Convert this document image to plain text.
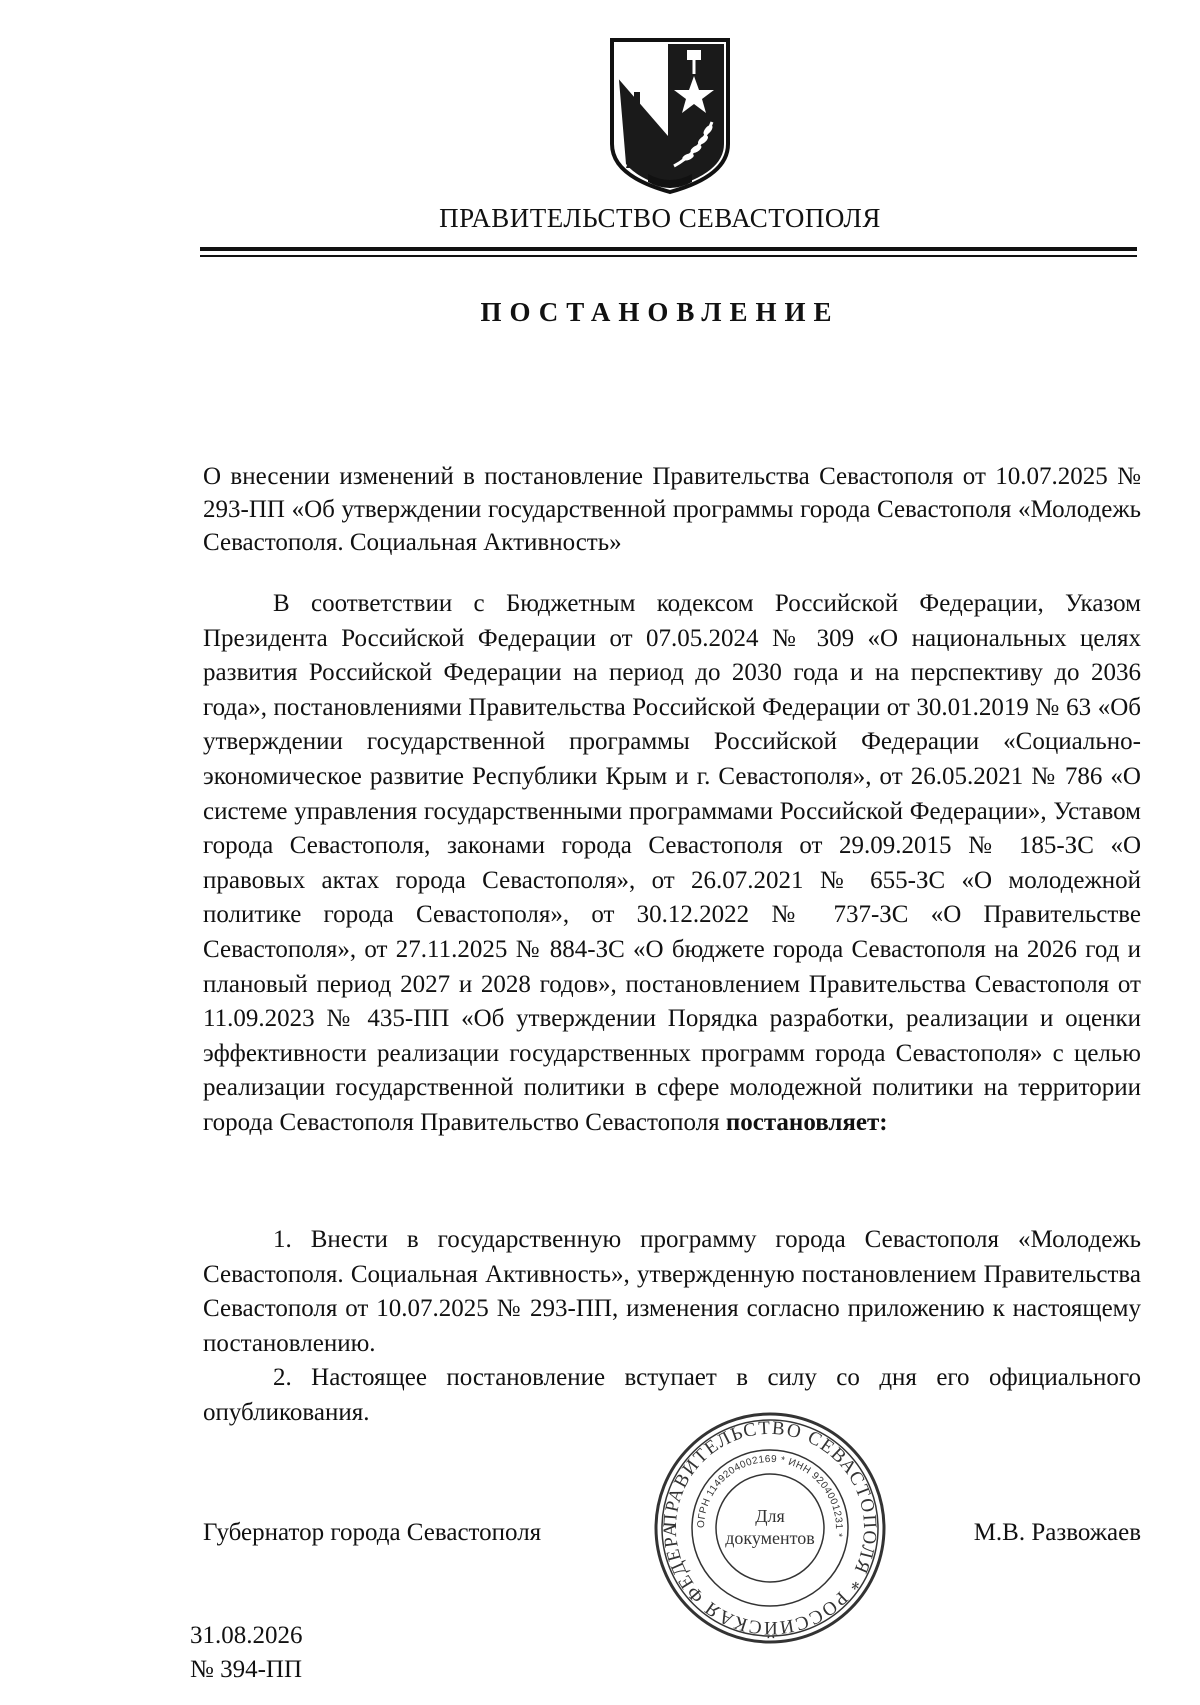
ПРАВИТЕЛЬСТВО СЕВАСТОПОЛЯ
ПОСТАНОВЛЕНИЕ
О внесении изменений в постановление Правительства Севастополя от 10.07.2025 № 293-ПП «Об утверждении государственной программы города Севастополя «Молодежь Севастополя. Социальная Активность»
В соответствии с Бюджетным кодексом Российской Федерации, Указом Президента Российской Федерации от 07.05.2024 № 309 «О национальных целях развития Российской Федерации на период до 2030 года и на перспективу до 2036 года», постановлениями Правительства Российской Федерации от 30.01.2019 № 63 «Об утверждении государственной программы Российской Федерации «Социально-экономическое развитие Республики Крым и г. Севастополя», от 26.05.2021 № 786 «О системе управления государственными программами Российской Федерации», Уставом города Севастополя, законами города Севастополя от 29.09.2015 № 185-ЗС «О правовых актах города Севастополя», от 26.07.2021 № 655-ЗС «О молодежной политике города Севастополя», от 30.12.2022 № 737-ЗС «О Правительстве Севастополя», от 27.11.2025 № 884-ЗС «О бюджете города Севастополя на 2026 год и плановый период 2027 и 2028 годов», постановлением Правительства Севастополя от 11.09.2023 № 435-ПП «Об утверждении Порядка разработки, реализации и оценки эффективности реализации государственных программ города Севастополя» с целью реализации государственной политики в сфере молодежной политики на территории города Севастополя Правительство Севастополя постановляет:

1. Внести в государственную программу города Севастополя «Молодежь Севастополя. Социальная Активность», утвержденную постановлением Правительства Севастополя от 10.07.2025 № 293-ПП, изменения согласно приложению к настоящему постановлению.

2. Настоящее постановление вступает в силу со дня его официального опубликования.

Губернатор города Севастополя	М.В. Развожаев
ПРАВИТЕЛЬСТВО СЕВАСТОПОЛЯ * РОССИЙСКАЯ ФЕДЕРА	ОГРН 1149204002169 * ИНН 9204001231 *
Для
документов
31.08.2026
№ 394-ПП
